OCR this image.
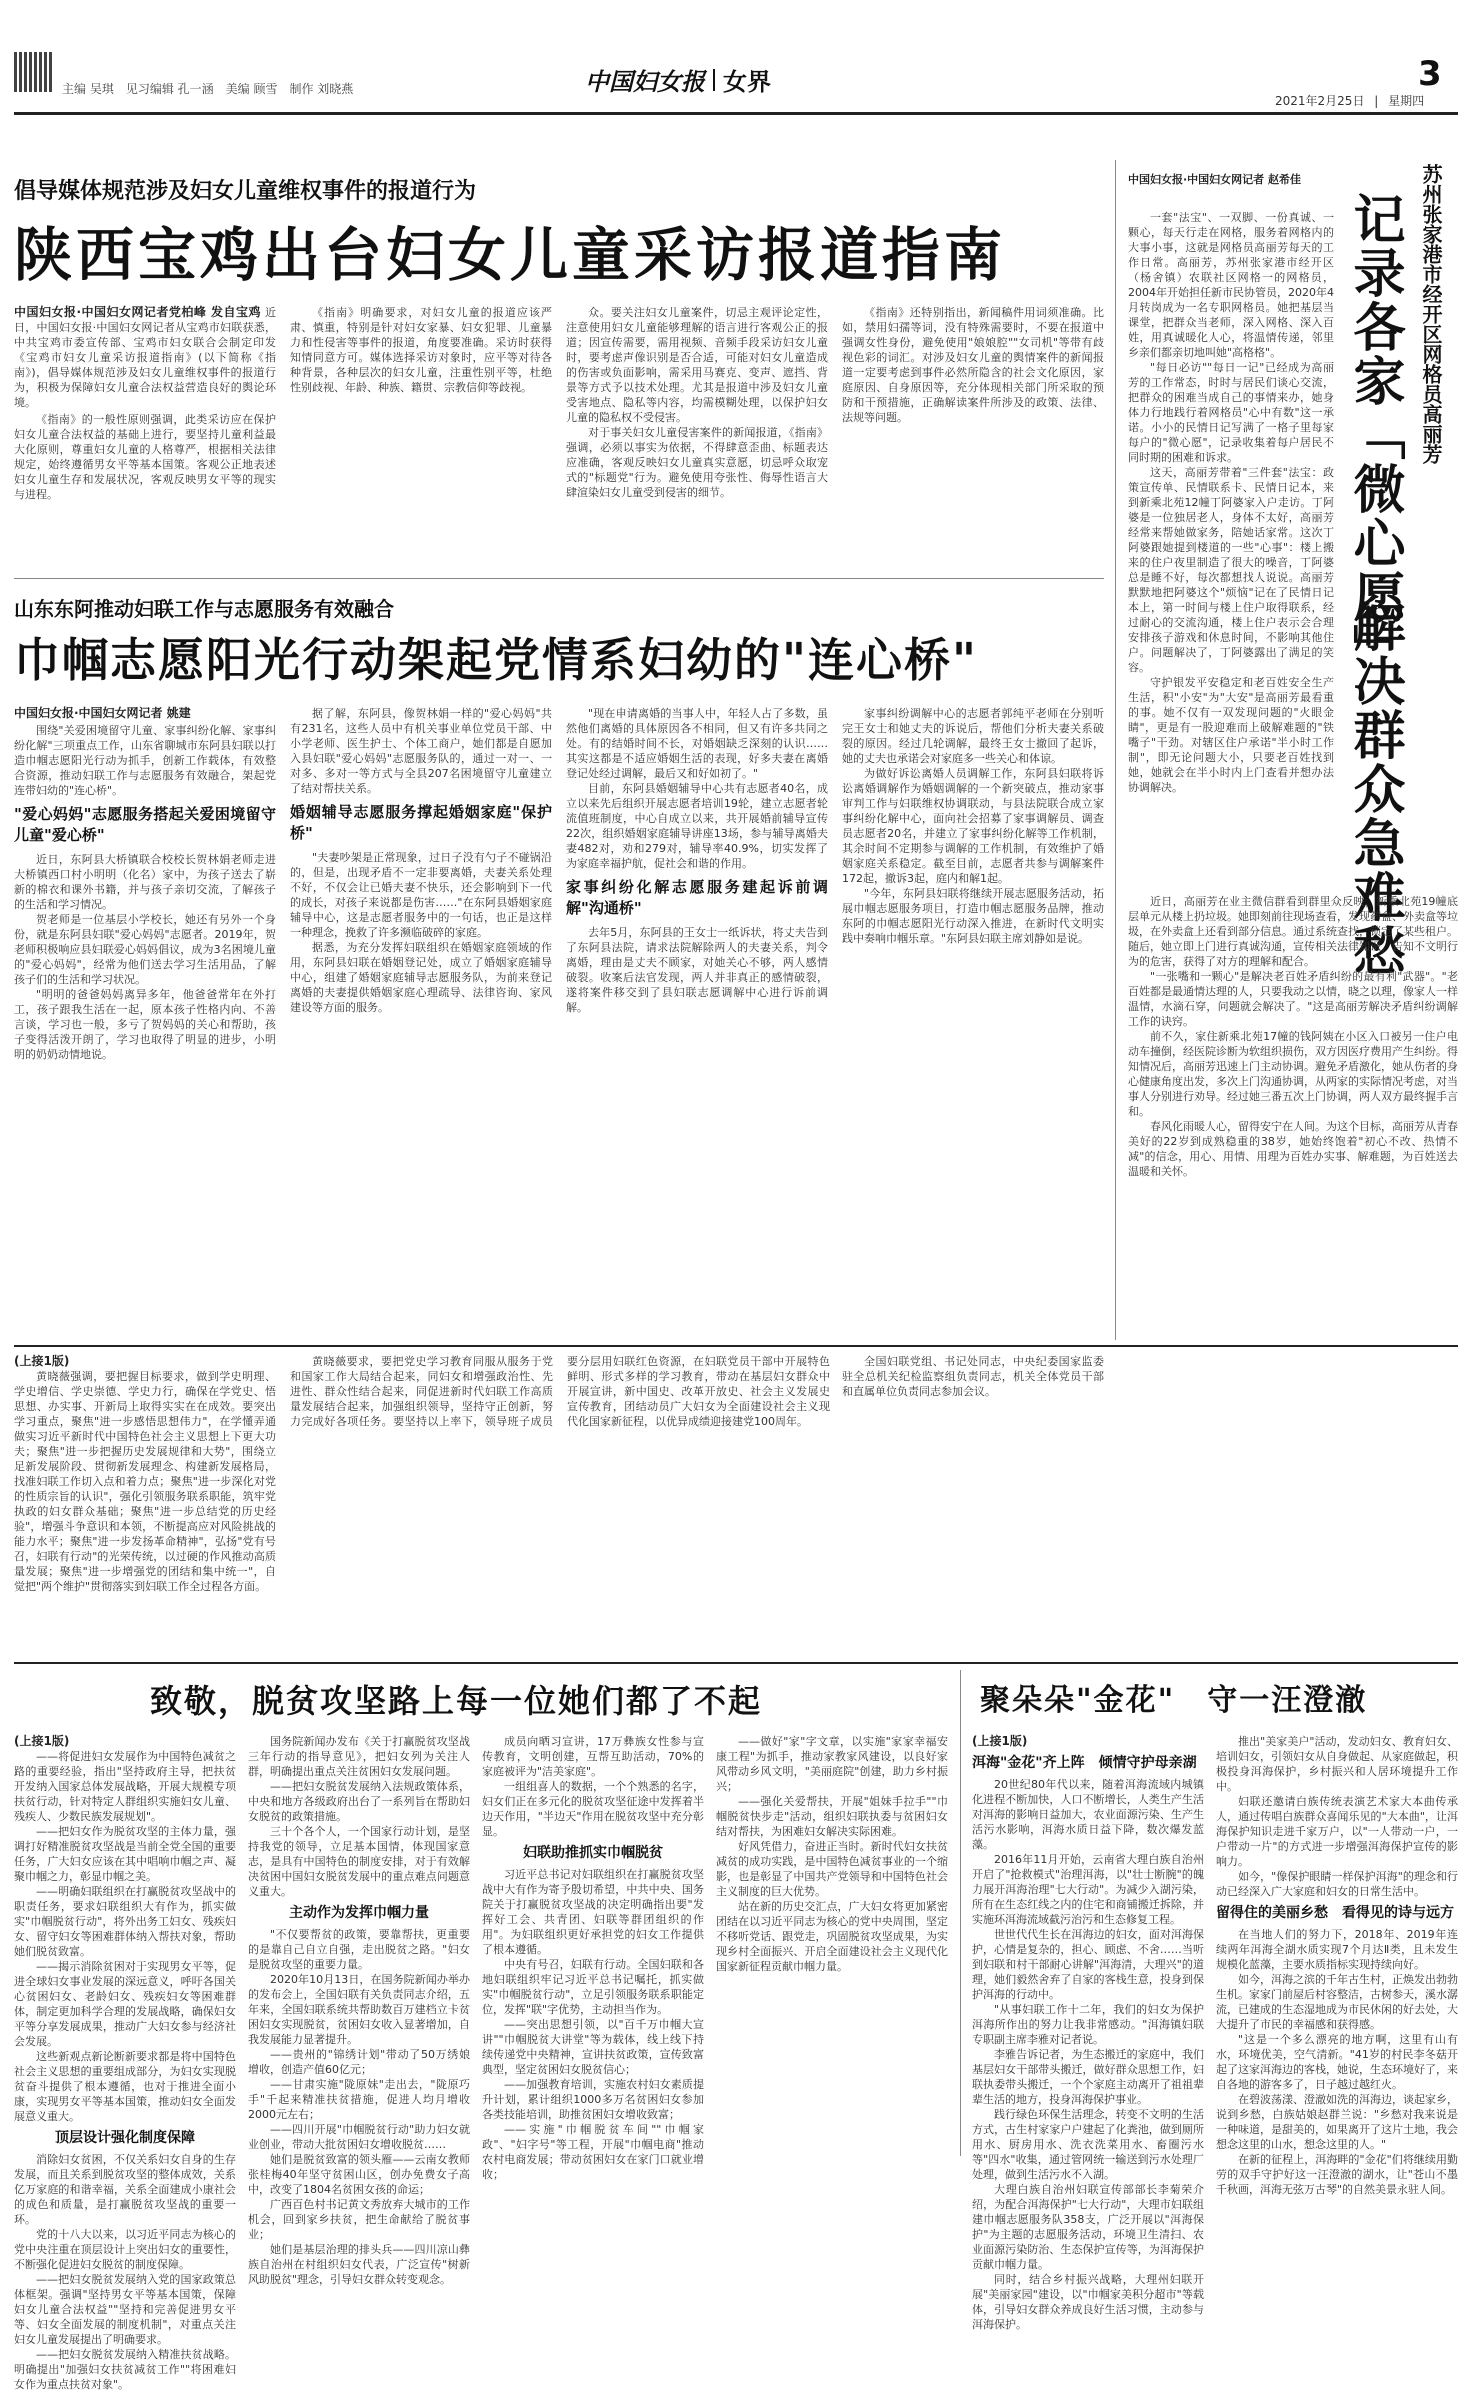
主编 吴琪　见习编辑 孔一涵　美编 顾雪　制作 刘晓燕	中国妇女报 女界	3
2021年2月25日 | 星期四
倡导媒体规范涉及妇女儿童维权事件的报道行为
陕西宝鸡出台妇女儿童采访报道指南
中国妇女报·中国妇女网记者党柏峰 发自宝鸡 近日，中国妇女报·中国妇女网记者从宝鸡市妇联获悉，中共宝鸡市委宣传部、宝鸡市妇女联合会制定印发《宝鸡市妇女儿童采访报道指南》(以下简称《指南》)，倡导媒体规范涉及妇女儿童维权事件的报道行为，积极为保障妇女儿童合法权益营造良好的舆论环境。

《指南》的一般性原则强调，此类采访应在保护妇女儿童合法权益的基础上进行，要坚持儿童利益最大化原则，尊重妇女儿童的人格尊严，根据相关法律规定，始终遵循男女平等基本国策。客观公正地表述妇女儿童生存和发展状况，客观反映男女平等的现实与进程。

《指南》明确要求，对妇女儿童的报道应该严肃、慎重，特别是针对妇女家暴、妇女犯罪、儿童暴力和性侵害等事件的报道，角度要准确。采访时获得知情同意方可。媒体选择采访对象时，应平等对待各种背景，各种层次的妇女儿童，注重性别平等，杜绝性别歧视、年龄、种族、籍贯、宗教信仰等歧视。

众。要关注妇女儿童案件，切忌主观评论定性，注意使用妇女儿童能够理解的语言进行客观公正的报道；因宣传需要，需用视频、音频手段采访妇女儿童时，要考虑声像识别是否合适，可能对妇女儿童造成的伤害或负面影响，需采用马赛克、变声、遮挡、背景等方式予以技术处理。尤其是报道中涉及妇女儿童受害地点、隐私等内容，均需模糊处理，以保护妇女儿童的隐私权不受侵害。

对于事关妇女儿童侵害案件的新闻报道，《指南》强调，必须以事实为依据，不得肆意歪曲、标题表达应准确，客观反映妇女儿童真实意愿，切忌呼众取宠式的"标题党"行为。避免使用夸张性、侮辱性语言大肆渲染妇女儿童受到侵害的细节。

《指南》还特别指出，新闻稿件用词须准确。比如，禁用妇孺等词，没有特殊需要时，不要在报道中强调女性身份，避免使用"娘娘腔""女司机"等带有歧视色彩的词汇。对涉及妇女儿童的舆情案件的新闻报道一定要考虑到事件必然所隐含的社会文化原因，家庭原因、自身原因等，充分体现相关部门所采取的预防和干预措施，正确解读案件所涉及的政策、法律、法规等问题。

中国妇女报·中国妇女网记者 赵希佳	苏州张家港市经开区网格员高丽芳
记录各家「微心愿」
解决群众急难愁

一套"法宝"、一双脚、一份真诚、一颗心，每天行走在网格，服务着网格内的大事小事，这就是网格员高丽芳每天的工作日常。高丽芳，苏州张家港市经开区（杨舍镇）农联社区网格一的网格员，2004年开始担任新市民协管员，2020年4月转岗成为一名专职网格员。她把基层当课堂，把群众当老师，深入网格、深入百姓，用真诚暖化人心，将温情传递，邻里乡亲们都亲切地叫她"高格格"。

"每日必访""每日一记"已经成为高丽芳的工作常态，时时与居民们谈心交流，把群众的困难当成自己的事情来办，她身体力行地践行着网格员"心中有数"这一承诺。小小的民情日记写满了一格子里每家每户的"微心愿"，记录收集着每户居民不同时期的困难和诉求。

这天，高丽芳带着"三件套"法宝：政策宣传单、民情联系卡、民情日记本，来到新乘北苑12幢丁阿婆家入户走访。丁阿婆是一位独居老人，身体不太好，高丽芳经常来帮她做家务，陪她话家常。这次丁阿婆跟她提到楼道的一些"心事"：楼上搬来的住户夜里制造了很大的噪音，丁阿婆总是睡不好，每次都想找人说说。高丽芳默默地把阿婆这个"烦恼"记在了民情日记本上，第一时间与楼上住户取得联系，经过耐心的交流沟通，楼上住户表示会合理安排孩子游戏和休息时间，不影响其他住户。问题解决了，丁阿婆露出了满足的笑容。

守护银发平安稳定和老百姓安全生产生活，积"小安"为"大安"是高丽芳最看重的事。她不仅有一双发现问题的"火眼金睛"，更是有一股迎难而上破解难题的"铁嘴子"干劲。对辖区住户承诺"半小时工作制"，即无论问题大小，只要老百姓找到她，她就会在半小时内上门查看并想办法协调解决。

近日，高丽芳在业主微信群看到群里众反映，新乘北苑19幢底层单元从楼上扔垃圾。她即刻前往现场查看，发现药盒、外卖盒等垃圾，在外卖盒上还看到部分信息。通过系统查找，锁定了某些租户。随后，她立即上门进行真诚沟通，宣传相关法律知识，告知不文明行为的危害，获得了对方的理解和配合。

"一张嘴和一颗心"是解决老百姓矛盾纠纷的最有利"武器"。"老百姓都是最通情达理的人，只要我动之以情，晓之以理，像家人一样温情，水滴石穿，问题就会解决了。"这是高丽芳解决矛盾纠纷调解工作的诀窍。

前不久，家住新乘北苑17幢的钱阿姨在小区入口被另一住户电动车撞倒，经医院诊断为软组织损伤，双方因医疗费用产生纠纷。得知情况后，高丽芳迅速上门主动协调。避免矛盾激化，她从伤者的身心健康角度出发，多次上门沟通协调，从两家的实际情况考虑，对当事人分别进行劝导。经过她三番五次上门协调，两人双方最终握手言和。

春风化雨暖人心，留得安宁在人间。为这个目标，高丽芳从青春美好的22岁到成熟稳重的38岁，她始终饱着"初心不改、热情不减"的信念，用心、用情、用理为百姓办实事、解难题，为百姓送去温暖和关怀。

山东东阿推动妇联工作与志愿服务有效融合
巾帼志愿阳光行动架起党情系妇幼的"连心桥"
中国妇女报·中国妇女网记者 姚建

围绕"关爱困境留守儿童、家事纠纷化解、家事纠纷化解"三项重点工作，山东省聊城市东阿县妇联以打造巾帼志愿阳光行动为抓手，创新工作载体，有效整合资源，推动妇联工作与志愿服务有效融合，架起党连带妇幼的"连心桥"。

"爱心妈妈"志愿服务搭起关爱困境留守儿童"爱心桥"

近日，东阿县大桥镇联合校校长贺林娟老师走进大桥镇西口村小明明（化名）家中，为孩子送去了崭新的棉衣和课外书籍，并与孩子亲切交流，了解孩子的生活和学习情况。

贺老师是一位基层小学校长，她还有另外一个身份，就是东阿县妇联"爱心妈妈"志愿者。2019年，贺老师积极响应县妇联爱心妈妈倡议，成为3名困境儿童的"爱心妈妈"，经常为他们送去学习生活用品，了解孩子们的生活和学习状况。

"明明的爸爸妈妈离异多年，他爸爸常年在外打工，孩子跟我生活在一起，原本孩子性格内向、不善言谈，学习也一般，多亏了贺妈妈的关心和帮助，孩子变得活泼开朗了，学习也取得了明显的进步，小明明的奶奶动情地说。

据了解，东阿县，像贺林娟一样的"爱心妈妈"共有231名，这些人员中有机关事业单位党员干部、中小学老师、医生护士、个体工商户，她们都是自愿加入县妇联"爱心妈妈"志愿服务队的，通过一对一、一对多、多对一等方式与全县207名困境留守儿童建立了结对帮扶关系。

婚姻辅导志愿服务撑起婚姻家庭"保护桥"

"夫妻吵架是正常现象，过日子没有勺子不碰锅沿的，但是，出现矛盾不一定非要离婚，夫妻关系处理不好，不仅会让已婚夫妻不快乐，还会影响到下一代的成长，对孩子来说都是伤害……"在东阿县婚姻家庭辅导中心，这是志愿者服务中的一句话，也正是这样一种理念，挽救了许多濒临破碎的家庭。

据悉，为充分发挥妇联组织在婚姻家庭领域的作用，东阿县妇联在婚姻登记处，成立了婚姻家庭辅导中心，组建了婚姻家庭辅导志愿服务队，为前来登记离婚的夫妻提供婚姻家庭心理疏导、法律咨询、家风建设等方面的服务。

"现在申请离婚的当事人中，年轻人占了多数，虽然他们离婚的具体原因各不相同，但又有许多共同之处。有的结婚时间不长，对婚姻缺乏深刻的认识……其实这都是不适应婚姻生活的表现，好多夫妻在离婚登记处经过调解，最后又和好如初了。"

目前，东阿县婚姻辅导中心共有志愿者40名，成立以来先后组织开展志愿者培训19轮，建立志愿者轮流值班制度，中心自成立以来，共开展婚前辅导宣传22次，组织婚姻家庭辅导讲座13场，参与辅导离婚夫妻482对，劝和279对，辅导率40.9%，切实发挥了为家庭幸福护航，促社会和谐的作用。

家事纠纷化解志愿服务建起诉前调解"沟通桥"

去年5月，东阿县的王女士一纸诉状，将丈夫告到了东阿县法院，请求法院解除两人的夫妻关系，判令离婚，理由是丈夫不顾家，对她关心不够，两人感情破裂。收案后法官发现，两人并非真正的感情破裂，遂将案件移交到了县妇联志愿调解中心进行诉前调解。

家事纠纷调解中心的志愿者郭纯平老师在分别听完王女士和她丈夫的诉说后，帮他们分析夫妻关系破裂的原因。经过几轮调解，最终王女士撤回了起诉，她的丈夫也承诺会对家庭多一些关心和体谅。

为做好诉讼离婚人员调解工作，东阿县妇联将诉讼离婚调解作为婚姻调解的一个新突破点，推动家事审判工作与妇联维权协调联动，与县法院联合成立家事纠纷化解中心，面向社会招募了家事调解员、调查员志愿者20名，并建立了家事纠纷化解等工作机制，其余时间不定期参与调解的工作机制，有效维护了婚姻家庭关系稳定。截至目前，志愿者共参与调解案件172起，撤诉3起，庭内和解1起。

"今年，东阿县妇联将继续开展志愿服务活动，拓展巾帼志愿服务项目，打造巾帼志愿服务品牌，推动东阿的巾帼志愿阳光行动深入推进，在新时代文明实践中奏响巾帼乐章。"东阿县妇联主席刘静如是说。

(上接1版)

黄晓薇强调，要把握目标要求，做到学史明理、学史增信、学史崇德、学史力行，确保在学党史、悟思想、办实事、开新局上取得实实在在成效。要突出学习重点，聚焦"进一步感悟思想伟力"，在学懂弄通做实习近平新时代中国特色社会主义思想上下更大功夫；聚焦"进一步把握历史发展规律和大势"，围绕立足新发展阶段、贯彻新发展理念、构建新发展格局，找准妇联工作切入点和着力点；聚焦"进一步深化对党的性质宗旨的认识"，强化引领服务联系职能，筑牢党执政的妇女群众基础；聚焦"进一步总结党的历史经验"，增强斗争意识和本领，不断提高应对风险挑战的能力水平；聚焦"进一步发扬革命精神"，弘扬"党有号召，妇联有行动"的光荣传统，以过硬的作风推动高质量发展；聚焦"进一步增强党的团结和集中统一"，自觉把"两个维护"贯彻落实到妇联工作全过程各方面。

黄晓薇要求，要把党史学习教育同服从服务于党和国家工作大局结合起来，同妇女和增强政治性、先进性、群众性结合起来，同促进新时代妇联工作高质量发展结合起来，加强组织领导，坚持守正创新，努力完成好各项任务。要坚持以上率下，领导班子成员要分层用妇联红色资源，在妇联党员干部中开展特色鲜明、形式多样的学习教育，带动在基层妇女群众中开展宣讲，新中国史、改革开放史、社会主义发展史宣传教育，团结动员广大妇女为全面建设社会主义现代化国家新征程，以优异成绩迎接建党100周年。

全国妇联党组、书记处同志，中央纪委国家监委驻全总机关纪检监察组负责同志，机关全体党员干部和直属单位负责同志参加会议。

致敬，脱贫攻坚路上每一位她们都了不起
(上接1版)

——将促进妇女发展作为中国特色减贫之路的重要经验，指出"坚持政府主导，把扶贫开发纳入国家总体发展战略，开展大规模专项扶贫行动，针对特定人群组织实施妇女儿童、残疾人、少数民族发展规划"。

——把妇女作为脱贫攻坚的主体力量，强调打好精准脱贫攻坚战是当前全党全国的重要任务，广大妇女应该在其中唱响巾帼之声、凝聚巾帼之力，彰显巾帼之美。

——明确妇联组织在打赢脱贫攻坚战中的职责任务，要求妇联组织大有作为，抓实做实"巾帼脱贫行动"，将外出务工妇女、残疾妇女、留守妇女等困难群体纳入帮扶对象，帮助她们脱贫致富。

——揭示消除贫困对于实现男女平等，促进全球妇女事业发展的深远意义，呼吁各国关心贫困妇女、老龄妇女、残疾妇女等困难群体，制定更加科学合理的发展战略，确保妇女平等分享发展成果，推动广大妇女参与经济社会发展。

这些新观点新论断新要求都是将中国特色社会主义思想的重要组成部分，为妇女实现脱贫奋斗提供了根本遵循，也对于推进全面小康，实现男女平等基本国策，推动妇女全面发展意义重大。

顶层设计强化制度保障

消除妇女贫困，不仅关系妇女自身的生存发展，而且关系到脱贫攻坚的整体成效，关系亿万家庭的和谐幸福，关系全面建成小康社会的成色和质量，是打赢脱贫攻坚战的重要一环。

党的十八大以来，以习近平同志为核心的党中央注重在顶层设计上突出妇女的重要性，不断强化促进妇女脱贫的制度保障。

——把妇女脱贫发展纳入党的国家政策总体框架。强调"坚持男女平等基本国策，保障妇女儿童合法权益""坚持和完善促进男女平等、妇女全面发展的制度机制"，对重点关注妇女儿童发展提出了明确要求。

——把妇女脱贫发展纳入精准扶贫战略。明确提出"加强妇女扶贫减贫工作""将困难妇女作为重点扶贫对象"。

国务院新闻办发布《关于打赢脱贫攻坚战三年行动的指导意见》，把妇女列为关注人群，明确提出重点关注贫困妇女发展问题。

——把妇女脱贫发展纳入法规政策体系，中央和地方各级政府出台了一系列旨在帮助妇女脱贫的政策措施。

三十个各个人，一个国家行动计划，是坚持我党的领导，立足基本国情，体现国家意志，是具有中国特色的制度安排，对于有效解决贫困中国妇女脱贫发展中的重点难点问题意义重大。

主动作为发挥巾帼力量

"不仅要帮贫的政策，要靠帮扶，更重要的是靠自己自立自强，走出脱贫之路。"妇女是脱贫攻坚的重要力量。

2020年10月13日，在国务院新闻办举办的发布会上，全国妇联有关负责同志介绍，五年来，全国妇联系统共帮助数百万建档立卡贫困妇女实现脱贫，贫困妇女收入显著增加，自我发展能力显著提升。

——贵州的"锦绣计划"带动了50万绣娘增收，创造产值60亿元；

——甘肃实施"陇原妹"走出去，"陇原巧手"千起来精准扶贫措施，促进人均月增收2000元左右；

——四川开展"巾帼脱贫行动"助力妇女就业创业，带动大批贫困妇女增收脱贫……

她们是脱贫致富的领头雁——云南女教师张桂梅40年坚守贫困山区，创办免费女子高中，改变了1804名贫困女孩的命运；

广西百色村书记黄文秀放弃大城市的工作机会，回到家乡扶贫，把生命献给了脱贫事业；

她们是基层治理的排头兵——四川凉山彝族自治州在村组织妇女代表，广泛宣传"树新风助脱贫"理念，引导妇女群众转变观念。

成员向晒习宣讲，17万彝族女性参与宣传教育，文明创建，互帮互助活动，70%的家庭被评为"洁美家庭"。

一组组喜人的数据，一个个熟悉的名字，妇女们正在多元化的脱贫攻坚征途中发挥着半边天作用，"半边天"作用在脱贫攻坚中充分彰显。

妇联助推抓实巾帼脱贫

习近平总书记对妇联组织在打赢脱贫攻坚战中大有作为寄予殷切希望，中共中央、国务院关于打赢脱贫攻坚战的决定明确指出要"发挥好工会、共青团、妇联等群团组织的作用"。为妇联组织更好承担党的妇女工作提供了根本遵循。

中央有号召，妇联有行动。全国妇联和各地妇联组织牢记习近平总书记嘱托，抓实做实"巾帼脱贫行动"，立足引领服务联系职能定位，发挥"联"字优势，主动担当作为。

——突出思想引领，以"百千万巾帼大宣讲""巾帼脱贫大讲堂"等为载体，线上线下持续传递党中央精神，宣讲扶贫政策，宣传致富典型，坚定贫困妇女脱贫信心；

——加强教育培训，实施农村妇女素质提升计划，累计组织1000多万名贫困妇女参加各类技能培训，助推贫困妇女增收致富；

——实施"巾帼脱贫车间""巾帼家政"、"妇字号"等工程，开展"巾帼电商"推动农村电商发展；带动贫困妇女在家门口就业增收；

——做好"家"字文章，以实施"家家幸福安康工程"为抓手，推动家教家风建设，以良好家风带动乡风文明，"美丽庭院"创建，助力乡村振兴；

——强化关爱帮扶，开展"姐妹手拉手""巾帼脱贫快步走"活动，组织妇联执委与贫困妇女结对帮扶，为困难妇女解决实际困难。

好风凭借力，奋进正当时。新时代妇女扶贫减贫的成功实践，是中国特色减贫事业的一个缩影，也是彰显了中国共产党领导和中国特色社会主义制度的巨大优势。

站在新的历史交汇点，广大妇女将更加紧密团结在以习近平同志为核心的党中央周围，坚定不移听党话、跟党走，巩固脱贫攻坚成果，为实现乡村全面振兴、开启全面建设社会主义现代化国家新征程贡献巾帼力量。

聚朵朵"金花"　守一汪澄澈
(上接1版)
洱海"金花"齐上阵　倾情守护母亲湖

20世纪80年代以来，随着洱海流域内城镇化进程不断加快，人口不断增长，人类生产生活对洱海的影响日益加大，农业面源污染、生产生活污水影响，洱海水质日益下降，数次爆发蓝藻。

2016年11月开始，云南省大理白族自治州开启了"抢救模式"治理洱海，以"壮士断腕"的魄力展开洱海治理"七大行动"。为减少入湖污染，所有在生态红线之内的住宅和商铺搬迁拆除，并实施环洱海流域截污治污和生态修复工程。

世世代代生长在洱海边的妇女，面对洱海保护，心情是复杂的，担心、顾虑、不舍……当听到妇联和村干部耐心讲解"洱海清，大理兴"的道理，她们毅然舍弃了自家的客栈生意，投身到保护洱海的行动中。

"从事妇联工作十二年，我们的妇女为保护洱海所作出的努力让我非常感动。"洱海镇妇联专职副主席李雅对记者说。

李雅告诉记者，为生态搬迁的家庭中，我们基层妇女干部带头搬迁，做好群众思想工作，妇联执委带头搬迁，一个个家庭主动离开了祖祖辈辈生活的地方，投身洱海保护事业。

践行绿色环保生活理念，转变不文明的生活方式，古生村家家户户建起了化粪池，做到厕所用水、厨房用水、洗衣洗菜用水、畜圈污水等"四水"收集，通过管网统一输送到污水处理厂处理，做到生活污水不入湖。

大理白族自治州妇联宣传部部长李菊荣介绍，为配合洱海保护"七大行动"，大理市妇联组建巾帼志愿服务队358支，广泛开展以"洱海保护"为主题的志愿服务活动，环境卫生清扫、农业面源污染防治、生态保护宣传等，为洱海保护贡献巾帼力量。

同时，结合乡村振兴战略，大理州妇联开展"美丽家园"建设，以"巾帼家美积分超市"等载体，引导妇女群众养成良好生活习惯，主动参与洱海保护。

推出"美家美户"活动，发动妇女、教育妇女、培训妇女，引领妇女从自身做起、从家庭做起，积极投身洱海保护，乡村振兴和人居环境提升工作中。

妇联还邀请白族传统表演艺术家大本曲传承人，通过传唱白族群众喜闻乐见的"大本曲"，让洱海保护知识走进千家万户，以"一人带动一户，一户带动一片"的方式进一步增强洱海保护宣传的影响力。

如今，"像保护眼睛一样保护洱海"的理念和行动已经深入广大家庭和妇女的日常生活中。

留得住的美丽乡愁　看得见的诗与远方

在当地人们的努力下，2018年、2019年连续两年洱海全湖水质实现7个月达Ⅱ类，且未发生规模化蓝藻，主要水质指标实现持续向好。

如今，洱海之滨的千年古生村，正焕发出勃勃生机。家家门前屋后村容整洁，古树参天，溪水潺流，已建成的生态湿地成为市民休闲的好去处，大大提升了市民的幸福感和获得感。

"这是一个多么漂亮的地方啊，这里有山有水，环境优美，空气清新。"41岁的村民李冬菇开起了这家洱海边的客栈，她说，生态环境好了，来自各地的游客多了，日子越过越红火。

在碧波荡漾、澄澈如洗的洱海边，谈起家乡，说到乡愁，白族姑娘赵群兰说："乡愁对我来说是一种味道，是甜美的，如果离开了这片土地，我会想念这里的山水，想念这里的人。"

在新的征程上，洱海畔的"金花"们将继续用勤劳的双手守护好这一汪澄澈的湖水，让"苍山不墨千秋画，洱海无弦万古琴"的自然美景永驻人间。
